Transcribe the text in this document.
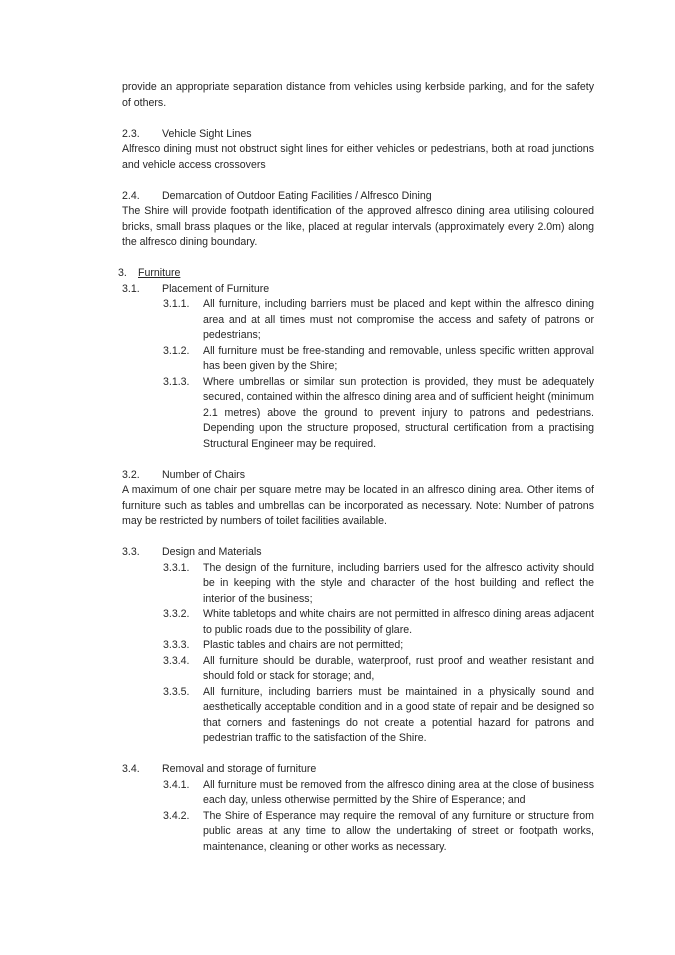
provide an appropriate separation distance from vehicles using kerbside parking, and for the safety of others.

2.3. Vehicle Sight Lines

Alfresco dining must not obstruct sight lines for either vehicles or pedestrians, both at road junctions and vehicle access crossovers

2.4. Demarcation of Outdoor Eating Facilities / Alfresco Dining

The Shire will provide footpath identification of the approved alfresco dining area utilising coloured bricks, small brass plaques or the like, placed at regular intervals (approximately every 2.0m) along the alfresco dining boundary.

3. Furniture
3.1. Placement of Furniture
3.1.1. All furniture, including barriers must be placed and kept within the alfresco dining area and at all times must not compromise the access and safety of patrons or pedestrians;

3.1.2. All furniture must be free-standing and removable, unless specific written approval has been given by the Shire;

3.1.3. Where umbrellas or similar sun protection is provided, they must be adequately secured, contained within the alfresco dining area and of sufficient height (minimum 2.1 metres) above the ground to prevent injury to patrons and pedestrians. Depending upon the structure proposed, structural certification from a practising Structural Engineer may be required.

3.2. Number of Chairs

A maximum of one chair per square metre may be located in an alfresco dining area. Other items of furniture such as tables and umbrellas can be incorporated as necessary. Note: Number of patrons may be restricted by numbers of toilet facilities available.

3.3. Design and Materials
3.3.1. The design of the furniture, including barriers used for the alfresco activity should be in keeping with the style and character of the host building and reflect the interior of the business;

3.3.2. White tabletops and white chairs are not permitted in alfresco dining areas adjacent to public roads due to the possibility of glare.

3.3.3. Plastic tables and chairs are not permitted;

3.3.4. All furniture should be durable, waterproof, rust proof and weather resistant and should fold or stack for storage; and,

3.3.5. All furniture, including barriers must be maintained in a physically sound and aesthetically acceptable condition and in a good state of repair and be designed so that corners and fastenings do not create a potential hazard for patrons and pedestrian traffic to the satisfaction of the Shire.

3.4. Removal and storage of furniture
3.4.1. All furniture must be removed from the alfresco dining area at the close of business each day, unless otherwise permitted by the Shire of Esperance; and

3.4.2. The Shire of Esperance may require the removal of any furniture or structure from public areas at any time to allow the undertaking of street or footpath works, maintenance, cleaning or other works as necessary.
